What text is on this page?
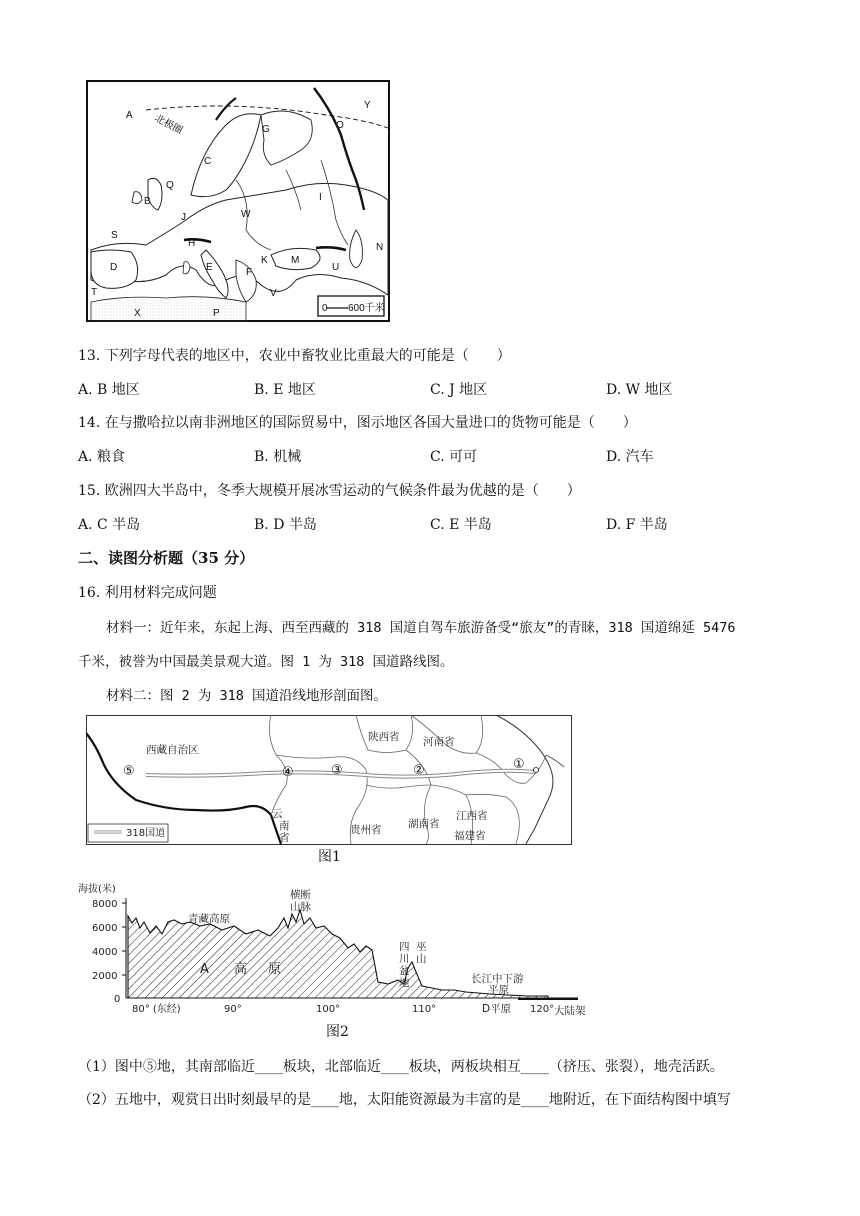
0 600千米
北极圈
A
B
C
D	E	F
G
H
I
J
K M
N
O
P
Q
S
T
U
V
W
X
Y
13. 下列字母代表的地区中，农业中畜牧业比重最大的可能是（　　）
A. B 地区	B. E 地区	C. J 地区	D. W 地区
14. 在与撒哈拉以南非洲地区的国际贸易中，图示地区各国大量进口的货物可能是（　　）
A. 粮食	B. 机械	C. 可可	D. 汽车
15. 欧洲四大半岛中，冬季大规模开展冰雪运动的气候条件最为优越的是（　　）
A. C 半岛	B. D 半岛	C. E 半岛	D. F 半岛
二、读图分析题（35 分）
16. 利用材料完成问题
材料一：近年来，东起上海、西至西藏的 318 国道自驾车旅游备受“旅友”的青睐，318 国道绵延 5476
千米，被誉为中国最美景观大道。图 1 为 318 国道路线图。
材料二：图 2 为 318 国道沿线地形剖面图。
318国道
西藏自治区
陕西省 河南省
云
南
省
贵州省	湖南省
江西省
福建省
⑤	④	③	②	①
图1
海拔(米)
8000
6000
4000
2000
0
青藏高原
横断
山脉
A 高 原
四
川
盆
地
巫
山
长江中下游
平原
80° (东经)	90°	100°	110°	D平原 120° 大陆架
图2
（1）图中⑤地，其南部临近____板块，北部临近____板块，两板块相互____（挤压、张裂），地壳活跃。
（2）五地中，观赏日出时刻最早的是____地，太阳能资源最为丰富的是____地附近，在下面结构图中填写
